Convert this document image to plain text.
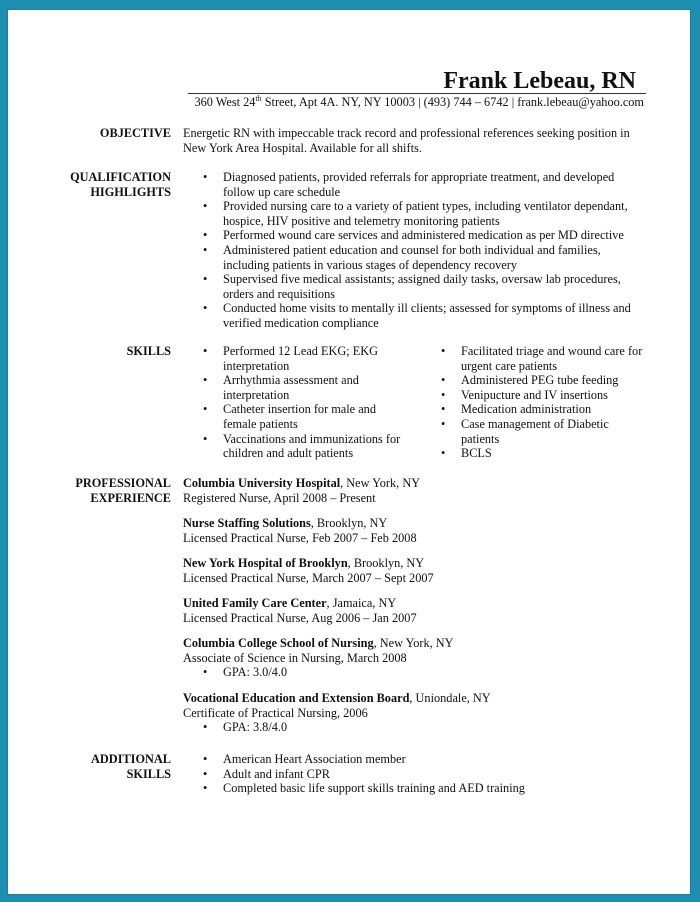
Frank Lebeau, RN
360 West 24th Street, Apt 4A. NY, NY 10003 | (493) 744 – 6742 | frank.lebeau@yahoo.com
OBJECTIVE Energetic RN with impeccable track record and professional references seeking position in
New York Area Hospital. Available for all shifts.
QUALIFICATION
HIGHLIGHTS
• Diagnosed patients, provided referrals for appropriate treatment, and developed
follow up care schedule
• Provided nursing care to a variety of patient types, including ventilator dependant,
hospice, HIV positive and telemetry monitoring patients
• Performed wound care services and administered medication as per MD directive
• Administered patient education and counsel for both individual and families,
including patients in various stages of dependency recovery
• Supervised five medical assistants; assigned daily tasks, oversaw lab procedures,
orders and requisitions
• Conducted home visits to mentally ill clients; assessed for symptoms of illness and
verified medication compliance
SKILLS
•	Performed 12 Lead EKG; EKG
interpretation
• Arrhythmia assessment and
interpretation
• Catheter insertion for male and
female patients
• Vaccinations and immunizations for
children and adult patients
• Facilitated triage and wound care for
urgent care patients
• Administered PEG tube feeding
• Venipucture and IV insertions
• Medication administration
• Case management of Diabetic
patients
• BCLS
PROFESSIONAL
EXPERIENCE
Columbia University Hospital, New York, NY
Registered Nurse, April 2008 – Present
Nurse Staffing Solutions, Brooklyn, NY
Licensed Practical Nurse, Feb 2007 – Feb 2008
New York Hospital of Brooklyn, Brooklyn, NY
Licensed Practical Nurse, March 2007 – Sept 2007
United Family Care Center, Jamaica, NY
Licensed Practical Nurse, Aug 2006 – Jan 2007
Columbia College School of Nursing, New York, NY
Associate of Science in Nursing, March 2008
• GPA: 3.0/4.0
Vocational Education and Extension Board, Uniondale, NY
Certificate of Practical Nursing, 2006
• GPA: 3.8/4.0
ADDITIONAL
SKILLS
• American Heart Association member
• Adult and infant CPR
• Completed basic life support skills training and AED training
